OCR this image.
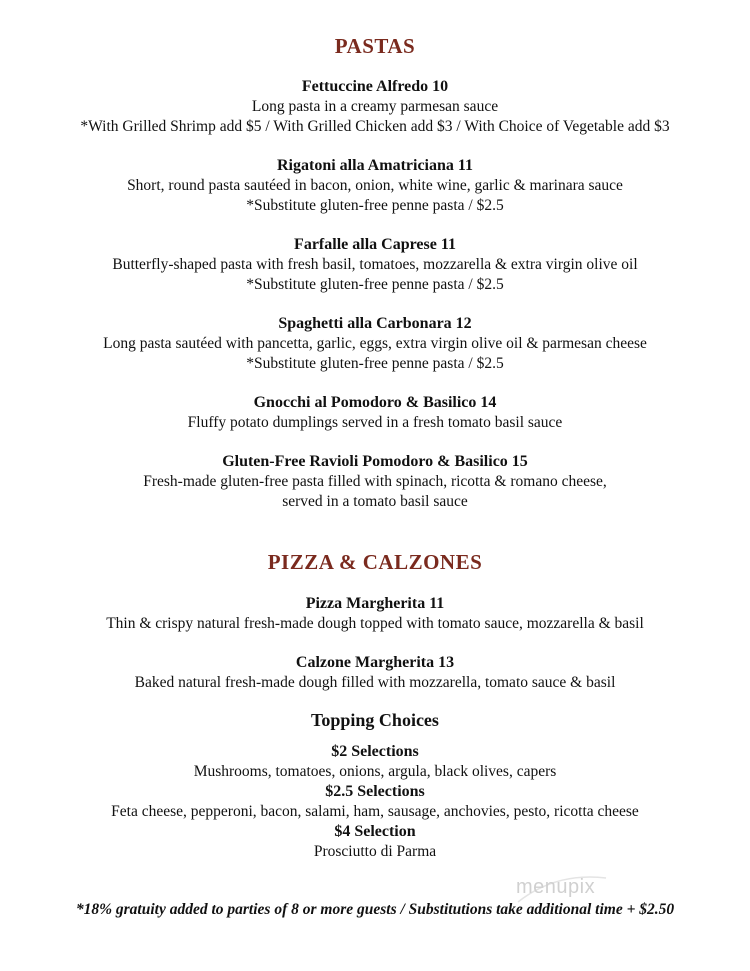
PASTAS
Fettuccine Alfredo 10
Long pasta in a creamy parmesan sauce
*With Grilled Shrimp add $5 / With Grilled Chicken add $3 / With Choice of Vegetable add $3
Rigatoni alla Amatriciana 11
Short, round pasta sautéed in bacon, onion, white wine, garlic & marinara sauce
*Substitute gluten-free penne pasta / $2.5
Farfalle alla Caprese 11
Butterfly-shaped pasta with fresh basil, tomatoes, mozzarella & extra virgin olive oil
*Substitute gluten-free penne pasta / $2.5
Spaghetti alla Carbonara 12
Long pasta sautéed with pancetta, garlic, eggs, extra virgin olive oil & parmesan cheese
*Substitute gluten-free penne pasta / $2.5
Gnocchi al Pomodoro & Basilico 14
Fluffy potato dumplings served in a fresh tomato basil sauce
Gluten-Free Ravioli Pomodoro & Basilico 15
Fresh-made gluten-free pasta filled with spinach, ricotta & romano cheese,
served in a tomato basil sauce
PIZZA & CALZONES
Pizza Margherita 11
Thin & crispy natural fresh-made dough topped with tomato sauce, mozzarella & basil
Calzone Margherita 13
Baked natural fresh-made dough filled with mozzarella, tomato sauce & basil
Topping Choices
$2 Selections
Mushrooms, tomatoes, onions, argula, black olives, capers
$2.5 Selections
Feta cheese, pepperoni, bacon, salami, ham, sausage, anchovies, pesto, ricotta cheese
$4 Selection
Prosciutto di Parma
menupix
*18% gratuity added to parties of 8 or more guests / Substitutions take additional time + $2.50
